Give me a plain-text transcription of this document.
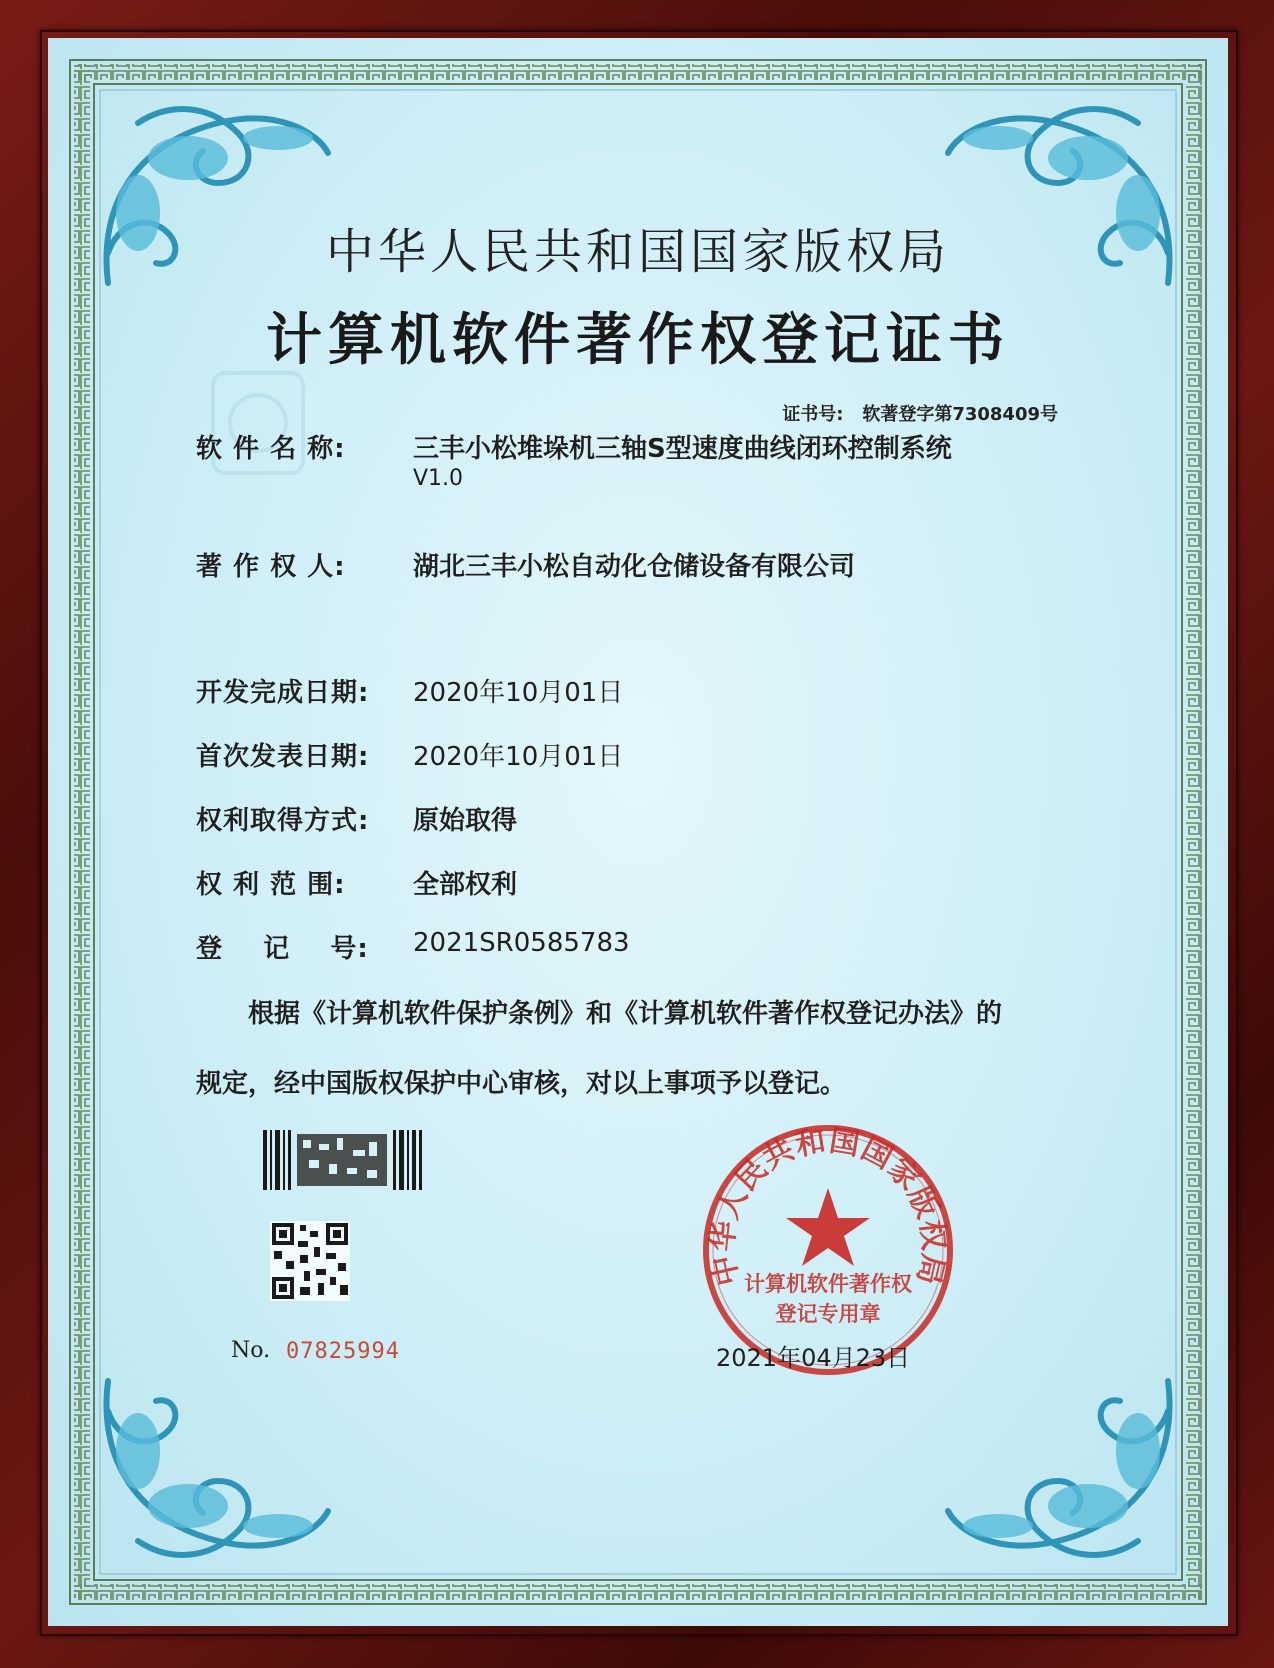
中华人民共和国国家版权局
计算机软件著作权登记证书
证书号: 软著登字第7308409号
软 件 名 称:	三丰小松堆垛机三轴S型速度曲线闭环控制系统
V1.0
著 作 权 人:	湖北三丰小松自动化仓储设备有限公司
开发完成日期: 2020年10月01日
首次发表日期: 2020年10月01日
权利取得方式: 原始取得
权 利 范 围:	全部权利
登    记    号: 2021SR0585783
根据《计算机软件保护条例》和《计算机软件著作权登记办法》的
规定，经中国版权保护中心审核，对以上事项予以登记。
No. 07825994
中华人民共和国国家版权局
计算机软件著作权
登记专用章
2021年04月23日
